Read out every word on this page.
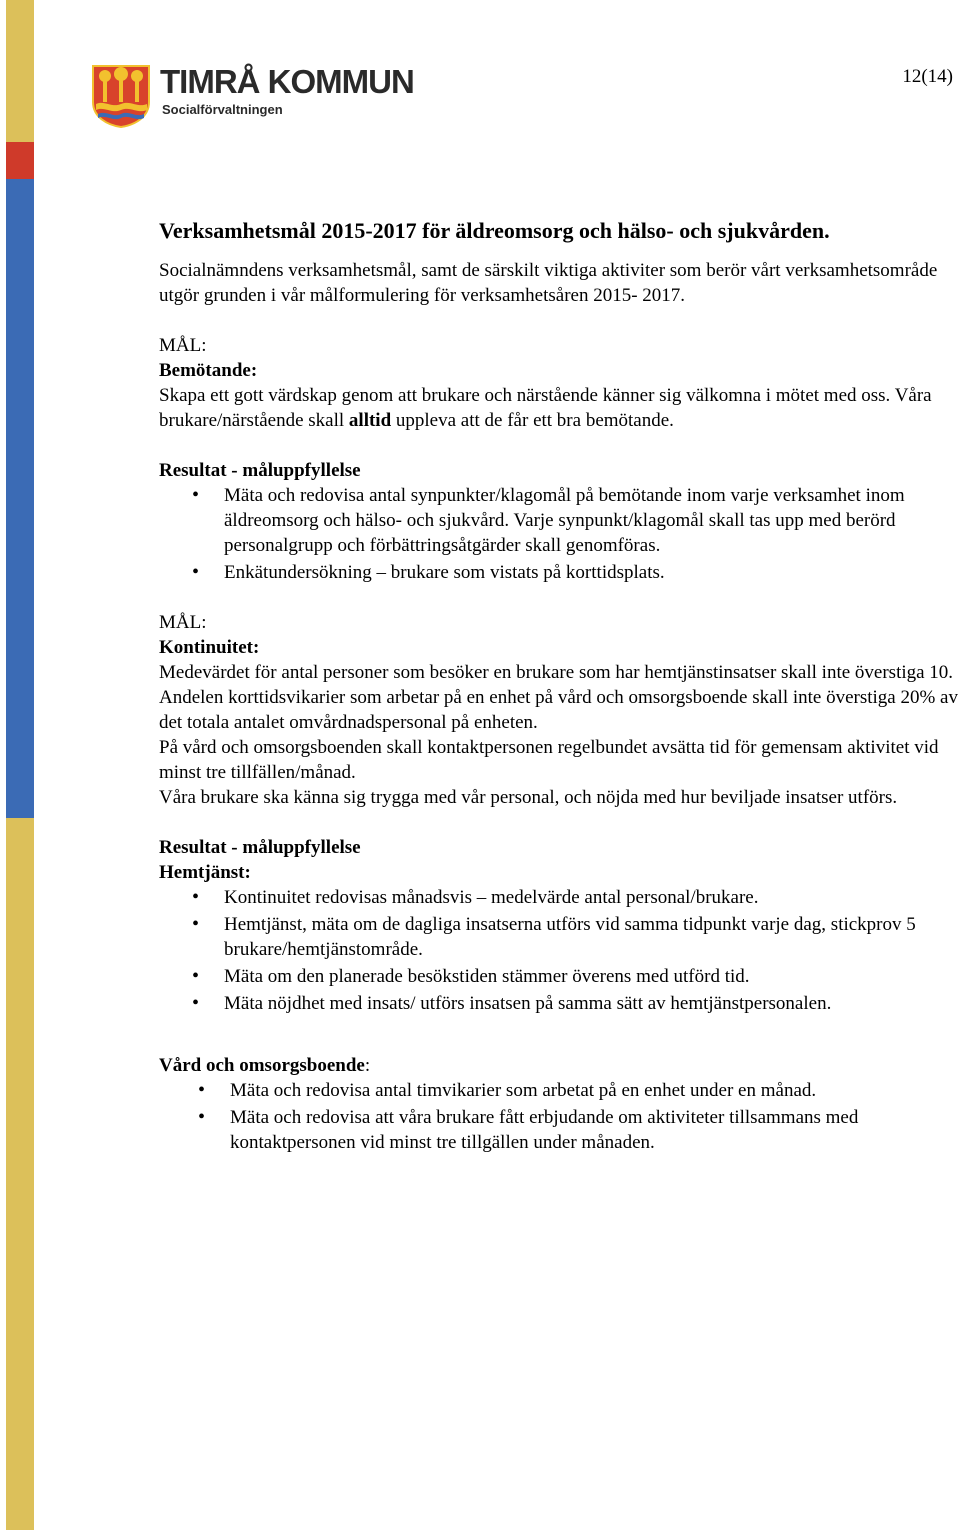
TIMRÅ KOMMUN
Socialförvaltningen
12(14)
Verksamhetsmål 2015-2017 för äldreomsorg och hälso- och sjukvården.

Socialnämndens verksamhetsmål, samt de särskilt viktiga aktiviter som berör vårt verksamhetsområde utgör grunden i vår målformulering för verksamhetsåren 2015- 2017.

MÅL:

Bemötande:

Skapa ett gott värdskap genom att brukare och närstående känner sig välkomna i mötet med oss. Våra brukare/närstående skall alltid uppleva att de får ett bra bemötande.

Resultat - måluppfyllelse

• Mäta och redovisa antal synpunkter/klagomål på bemötande inom varje verksamhet inom äldreomsorg och hälso- och sjukvård. Varje synpunkt/klagomål skall tas upp med berörd personalgrupp och förbättringsåtgärder skall genomföras.
• Enkätundersökning – brukare som vistats på korttidsplats.

MÅL:

Kontinuitet:

Medevärdet för antal personer som besöker en brukare som har hemtjänstinsatser skall inte överstiga 10.

Andelen korttidsvikarier som arbetar på en enhet på vård och omsorgsboende skall inte överstiga 20% av det totala antalet omvårdnadspersonal på enheten.

På vård och omsorgsboenden skall kontaktpersonen regelbundet avsätta tid för gemensam aktivitet vid minst tre tillfällen/månad.

Våra brukare ska känna sig trygga med vår personal, och nöjda med hur beviljade insatser utförs.

Resultat - måluppfyllelse

Hemtjänst:

• Kontinuitet redovisas månadsvis – medelvärde antal personal/brukare.
• Hemtjänst, mäta om de dagliga insatserna utförs vid samma tidpunkt varje dag, stickprov 5 brukare/hemtjänstområde.
• Mäta om den planerade besökstiden stämmer överens med utförd tid.
• Mäta nöjdhet med insats/ utförs insatsen på samma sätt av hemtjänstpersonalen.

Vård och omsorgsboende:

• Mäta och redovisa antal timvikarier som arbetat på en enhet under en månad.
• Mäta och redovisa att våra brukare fått erbjudande om aktiviteter tillsammans med kontaktpersonen vid minst tre tillgällen under månaden.
